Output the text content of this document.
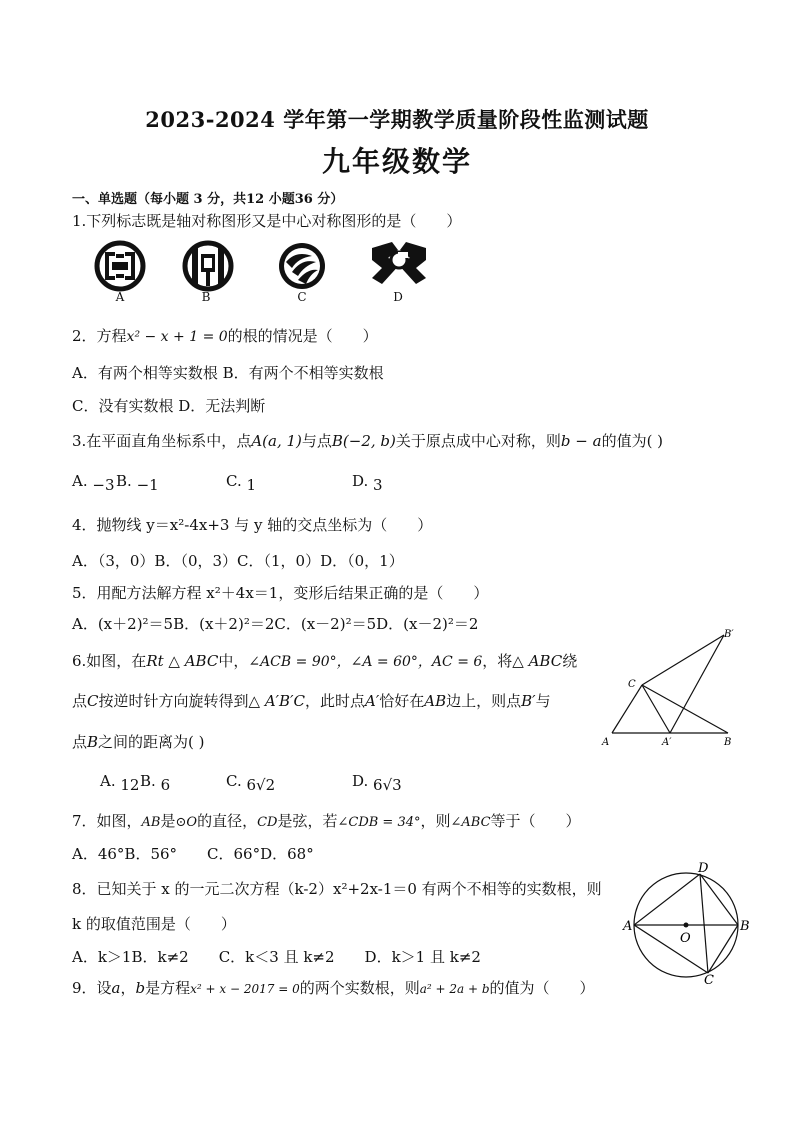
2023-2024 学年第一学期教学质量阶段性监测试题
九年级数学
一、单选题（每小题 3 分，共12 小题36 分）
1.下列标志既是轴对称图形又是中心对称图形的是（　　）
A	B	C	D
2．方程x² − x + 1 = 0的根的情况是（　　）
A．有两个相等实数根 B．有两个不相等实数根
C．没有实数根 D．无法判断
3.在平面直角坐标系中，点A(a, 1)与点B(−2, b)关于原点成中心对称，则b − a的值为( )
A. −3 B. −1	C. 1	D. 3
4．抛物线 y＝x²-4x+3 与 y 轴的交点坐标为（　　）
A．（3，0）B．（0，3）C．（1，0）D．（0，1）
5．用配方法解方程 x²＋4x＝1，变形后结果正确的是（　　）
A．(x＋2)²＝5B．(x＋2)²＝2C．(x－2)²＝5D．(x－2)²＝2
6.如图，在Rt △ ABC中，∠ACB = 90°，∠A = 60°，AC = 6，将△ ABC绕
点C按逆时针方向旋转得到△ A′B′C，此时点A′恰好在AB边上，则点B′与
点B之间的距离为( )
A. 12 B. 6	C. 6√2	D. 6√3
A	A′	B
C
B′
7．如图，AB是⊙O的直径，CD是弦，若∠CDB = 34°，则∠ABC等于（　　）
A．46°B．56°　　C．66°D．68°
8．已知关于 x 的一元二次方程（k-2）x²+2x-1＝0 有两个不相等的实数根，则
k 的取值范围是（　　）
A．k＞1B．k≠2　　C．k＜3 且 k≠2　　D．k＞1 且 k≠2
A	B
D
C
O
9．设a，b是方程x² + x − 2017 = 0的两个实数根，则a² + 2a + b的值为（　　）
